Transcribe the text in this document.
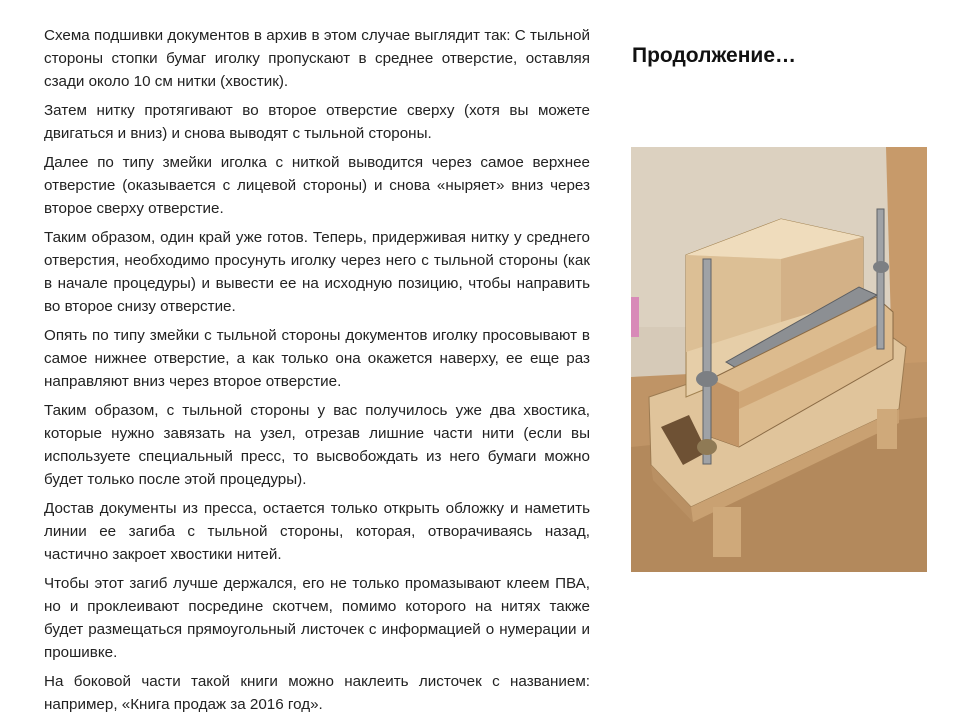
Схема подшивки документов в архив в этом случае выглядит так: С тыльной стороны стопки бумаг иголку пропускают в среднее отверстие, оставляя сзади около 10 см нитки (хвостик).

Затем нитку протягивают во второе отверстие сверху (хотя вы можете двигаться и вниз) и снова выводят с тыльной стороны.

Далее по типу змейки иголка с ниткой выводится через самое верхнее отверстие (оказывается с лицевой стороны) и снова «ныряет» вниз через второе сверху отверстие.

Таким образом, один край уже готов. Теперь, придерживая нитку у среднего отверстия, необходимо просунуть иголку через него с тыльной стороны (как в начале процедуры) и вывести ее на исходную позицию, чтобы направить во второе снизу отверстие.

Опять по типу змейки с тыльной стороны документов иголку просовывают в самое нижнее отверстие, а как только она окажется наверху, ее еще раз направляют вниз через второе отверстие.

Таким образом, с тыльной стороны у вас получилось уже два хвостика, которые нужно завязать на узел, отрезав лишние части нити (если вы используете специальный пресс, то высвобождать из него бумаги можно будет только после этой процедуры).

Достав документы из пресса, остается только открыть обложку и наметить линии ее загиба с тыльной стороны, которая, отворачиваясь назад, частично закроет хвостики нитей.

Чтобы этот загиб лучше держался, его не только промазывают клеем ПВА, но и проклеивают посредине скотчем, помимо которого на нитях также будет размещаться прямоугольный листочек с информацией о нумерации и прошивке.

На боковой части такой книги можно наклеить листочек с названием: например, «Книга продаж за 2016 год».

Продолжение…
